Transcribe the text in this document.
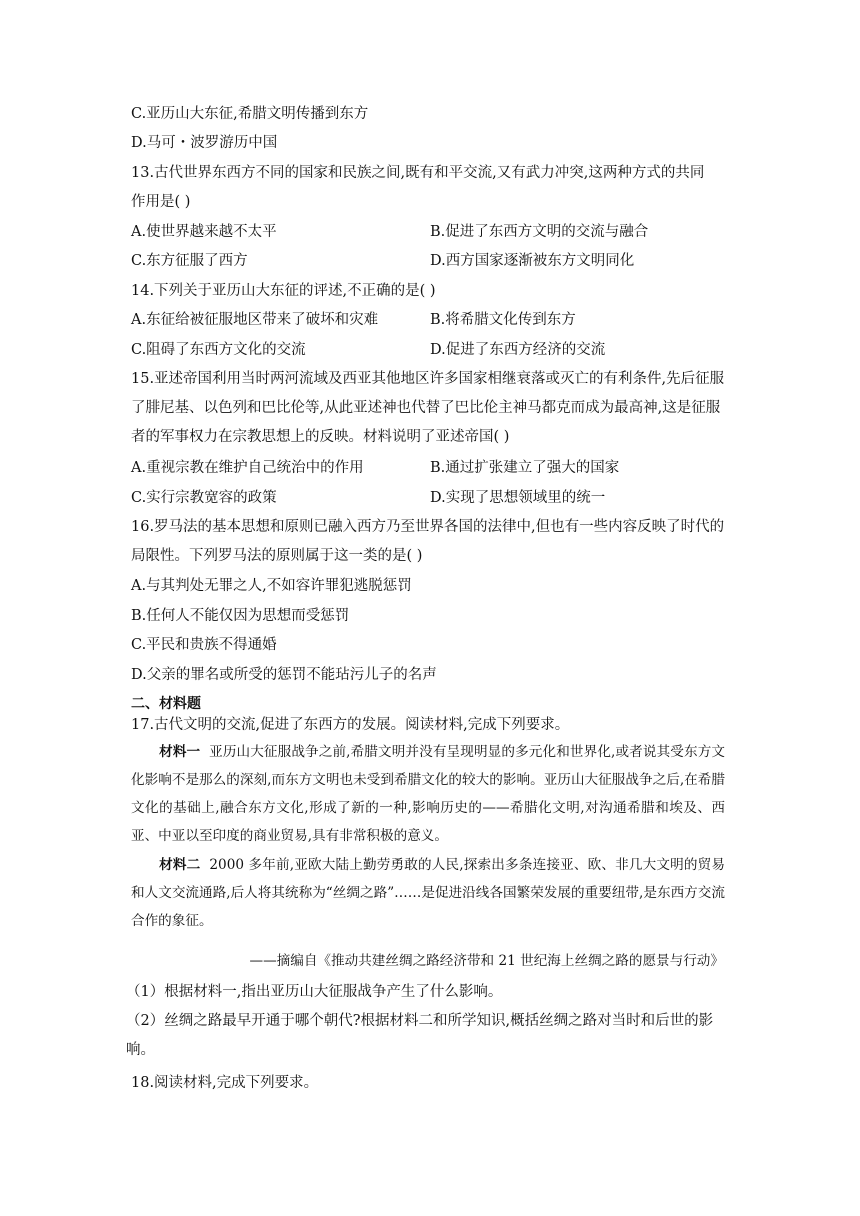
C.亚历山大东征,希腊文明传播到东方
D.马可・波罗游历中国
13.古代世界东西方不同的国家和民族之间,既有和平交流,又有武力冲突,这两种方式的共同
作用是( )
A.使世界越来越不太平	B.促进了东西方文明的交流与融合
C.东方征服了西方	D.西方国家逐渐被东方文明同化
14.下列关于亚历山大东征的评述,不正确的是( )
A.东征给被征服地区带来了破坏和灾难	B.将希腊文化传到东方
C.阻碍了东西方文化的交流	D.促进了东西方经济的交流
15.亚述帝国利用当时两河流域及西亚其他地区许多国家相继衰落或灭亡的有利条件,先后征服了腓尼基、以色列和巴比伦等,从此亚述神也代替了巴比伦主神马都克而成为最高神,这是征服者的军事权力在宗教思想上的反映。材料说明了亚述帝国( )
A.重视宗教在维护自己统治中的作用	B.通过扩张建立了强大的国家
C.实行宗教宽容的政策	D.实现了思想领域里的统一
16.罗马法的基本思想和原则已融入西方乃至世界各国的法律中,但也有一些内容反映了时代的局限性。下列罗马法的原则属于这一类的是( )
A.与其判处无罪之人,不如容许罪犯逃脱惩罚
B.任何人不能仅因为思想而受惩罚
C.平民和贵族不得通婚
D.父亲的罪名或所受的惩罚不能玷污儿子的名声
二、材料题
17.古代文明的交流,促进了东西方的发展。阅读材料,完成下列要求。
材料一 亚历山大征服战争之前,希腊文明并没有呈现明显的多元化和世界化,或者说其受东方文化影响不是那么的深刻,而东方文明也未受到希腊文化的较大的影响。亚历山大征服战争之后,在希腊文化的基础上,融合东方文化,形成了新的一种,影响历史的——希腊化文明,对沟通希腊和埃及、西亚、中亚以至印度的商业贸易,具有非常积极的意义。
材料二 2000 多年前,亚欧大陆上勤劳勇敢的人民,探索出多条连接亚、欧、非几大文明的贸易和人文交流通路,后人将其统称为“丝绸之路”……是促进沿线各国繁荣发展的重要纽带,是东西方交流合作的象征。
——摘编自《推动共建丝绸之路经济带和 21 世纪海上丝绸之路的愿景与行动》
（1）根据材料一,指出亚历山大征服战争产生了什么影响。
（2）丝绸之路最早开通于哪个朝代?根据材料二和所学知识,概括丝绸之路对当时和后世的影响。
18.阅读材料,完成下列要求。
